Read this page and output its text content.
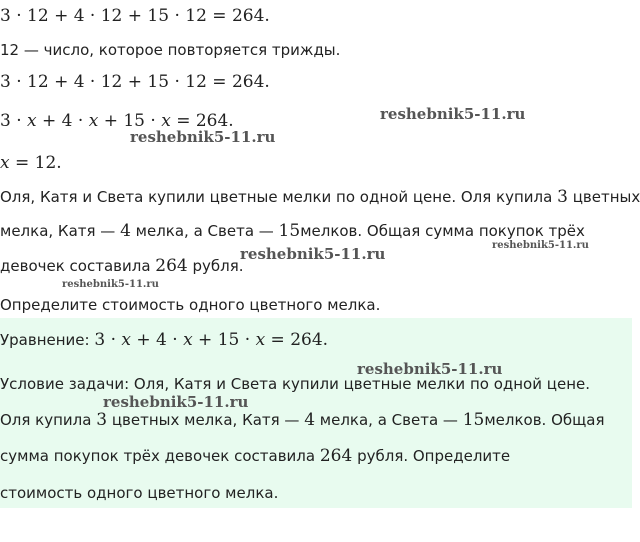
3 · 12 + 4 · 12 + 15 · 12 = 264.
12 — число, которое повторяется трижды.
3 · 12 + 4 · 12 + 15 · 12 = 264.
3 · x + 4 · x + 15 · x = 264.
x = 12.
Оля, Катя и Света купили цветные мелки по одной цене. Оля купила 3 цветных
мелка, Катя — 4 мелка, а Света — 15мелков. Общая сумма покупок трёх
девочек составила 264 рубля.
Определите стоимость одного цветного мелка.
Уравнение: 3 · x + 4 · x + 15 · x = 264.
Условие задачи: Оля, Катя и Света купили цветные мелки по одной цене.
Оля купила 3 цветных мелка, Катя — 4 мелка, а Света — 15мелков. Общая
сумма покупок трёх девочек составила 264 рубля. Определите
стоимость одного цветного мелка.
reshebnik5-11.ru
reshebnik5-11.ru
reshebnik5-11.ru	reshebnik5-11.ru
reshebnik5-11.ru
reshebnik5-11.ru
reshebnik5-11.ru
